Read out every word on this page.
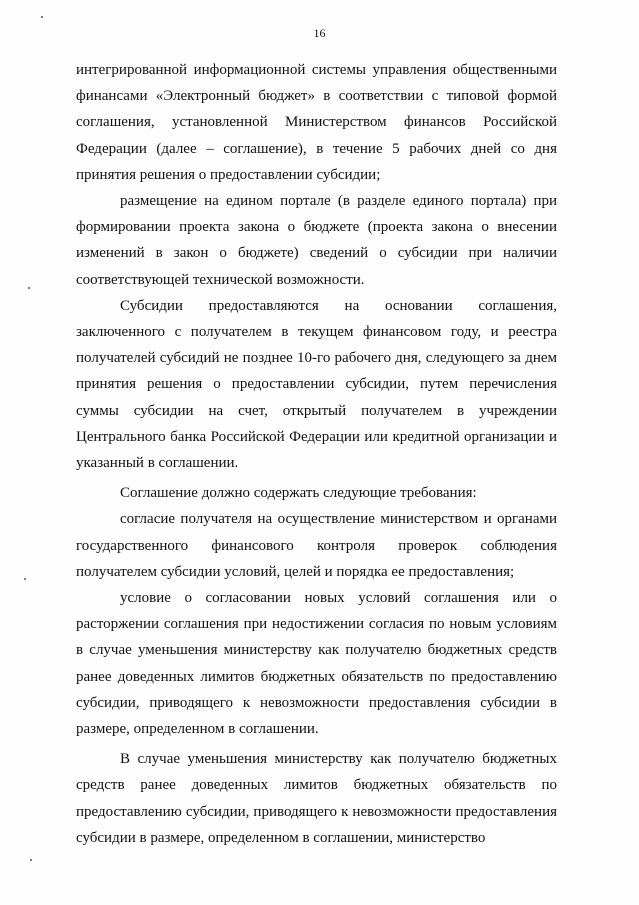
16

интегрированной информационной системы управления общественными финансами «Электронный бюджет» в соответствии с типовой формой соглашения, установленной Министерством финансов Российской Федерации (далее – соглашение), в течение 5 рабочих дней со дня принятия решения о предоставлении субсидии;

размещение на едином портале (в разделе единого портала) при формировании проекта закона о бюджете (проекта закона о внесении изменений в закон о бюджете) сведений о субсидии при наличии соответствующей технической возможности.

Субсидии предоставляются на основании соглашения, заключенного с получателем в текущем финансовом году, и реестра получателей субсидий не позднее 10-го рабочего дня, следующего за днем принятия решения о предоставлении субсидии, путем перечисления суммы субсидии на счет, открытый получателем в учреждении Центрального банка Российской Федерации или кредитной организации и указанный в соглашении.

Соглашение должно содержать следующие требования:

согласие получателя на осуществление министерством и органами государственного финансового контроля проверок соблюдения получателем субсидии условий, целей и порядка ее предоставления;

условие о согласовании новых условий соглашения или о расторжении соглашения при недостижении согласия по новым условиям в случае уменьшения министерству как получателю бюджетных средств ранее доведенных лимитов бюджетных обязательств по предоставлению субсидии, приводящего к невозможности предоставления субсидии в размере, определенном в соглашении.

В случае уменьшения министерству как получателю бюджетных средств ранее доведенных лимитов бюджетных обязательств по предоставлению субсидии, приводящего к невозможности предоставления субсидии в размере, определенном в соглашении, министерство
